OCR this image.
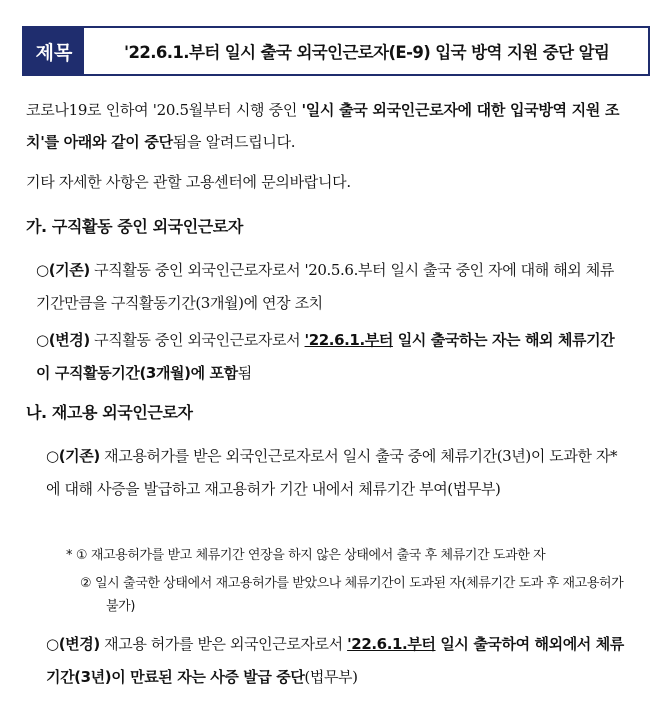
제목	'22.6.1.부터 일시 출국 외국인근로자(E-9) 입국 방역 지원 중단 알림
코로나19로 인하여 '20.5월부터 시행 중인 '일시 출국 외국인근로자에 대한 입국방역 지원 조치'를 아래와 같이 중단됨을 알려드립니다.
기타 자세한 사항은 관할 고용센터에 문의바랍니다.
가. 구직활동 중인 외국인근로자
○(기존) 구직활동 중인 외국인근로자로서 '20.5.6.부터 일시 출국 중인 자에 대해 해외 체류기간만큼을 구직활동기간(3개월)에 연장 조치
○(변경) 구직활동 중인 외국인근로자로서 '22.6.1.부터 일시 출국하는 자는 해외 체류기간이 구직활동기간(3개월)에 포함됨
나. 재고용 외국인근로자
○(기존) 재고용허가를 받은 외국인근로자로서 일시 출국 중에 체류기간(3년)이 도과한 자*에 대해 사증을 발급하고 재고용허가 기간 내에서 체류기간 부여(법무부)
* ① 재고용허가를 받고 체류기간 연장을 하지 않은 상태에서 출국 후 체류기간 도과한 자
② 일시 출국한 상태에서 재고용허가를 받았으나 체류기간이 도과된 자(체류기간 도과 후 재고용허가 불가)
○(변경) 재고용 허가를 받은 외국인근로자로서 '22.6.1.부터 일시 출국하여 해외에서 체류기간(3년)이 만료된 자는 사증 발급 중단(법무부)
